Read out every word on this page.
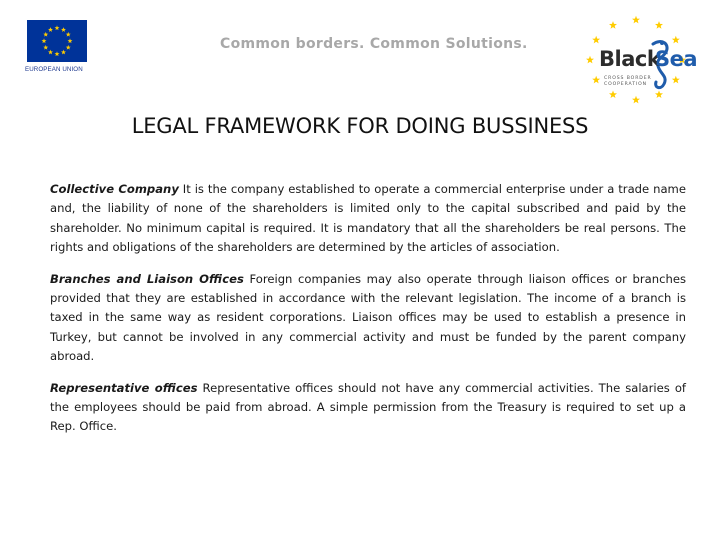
EUROPEAN UNION
Common borders. Common Solutions.
Black
Sea
CROSS BORDER
COOPERATION
LEGAL FRAMEWORK FOR DOING BUSSINESS

Collective Company It is the company established to operate a commercial enterprise under a trade name and, the liability of none of the shareholders is limited only to the capital subscribed and paid by the shareholder. No minimum capital is required. It is mandatory that all the shareholders be real persons. The rights and obligations of the shareholders are determined by the articles of association.

Branches and Liaison Offices Foreign companies may also operate through liaison offices or branches provided that they are established in accordance with the relevant legislation. The income of a branch is taxed in the same way as resident corporations. Liaison offices may be used to establish a presence in Turkey, but cannot be involved in any commercial activity and must be funded by the parent company abroad.

Representative offices Representative offices should not have any commercial activities. The salaries of the employees should be paid from abroad. A simple permission from the Treasury is required to set up a Rep. Office.
